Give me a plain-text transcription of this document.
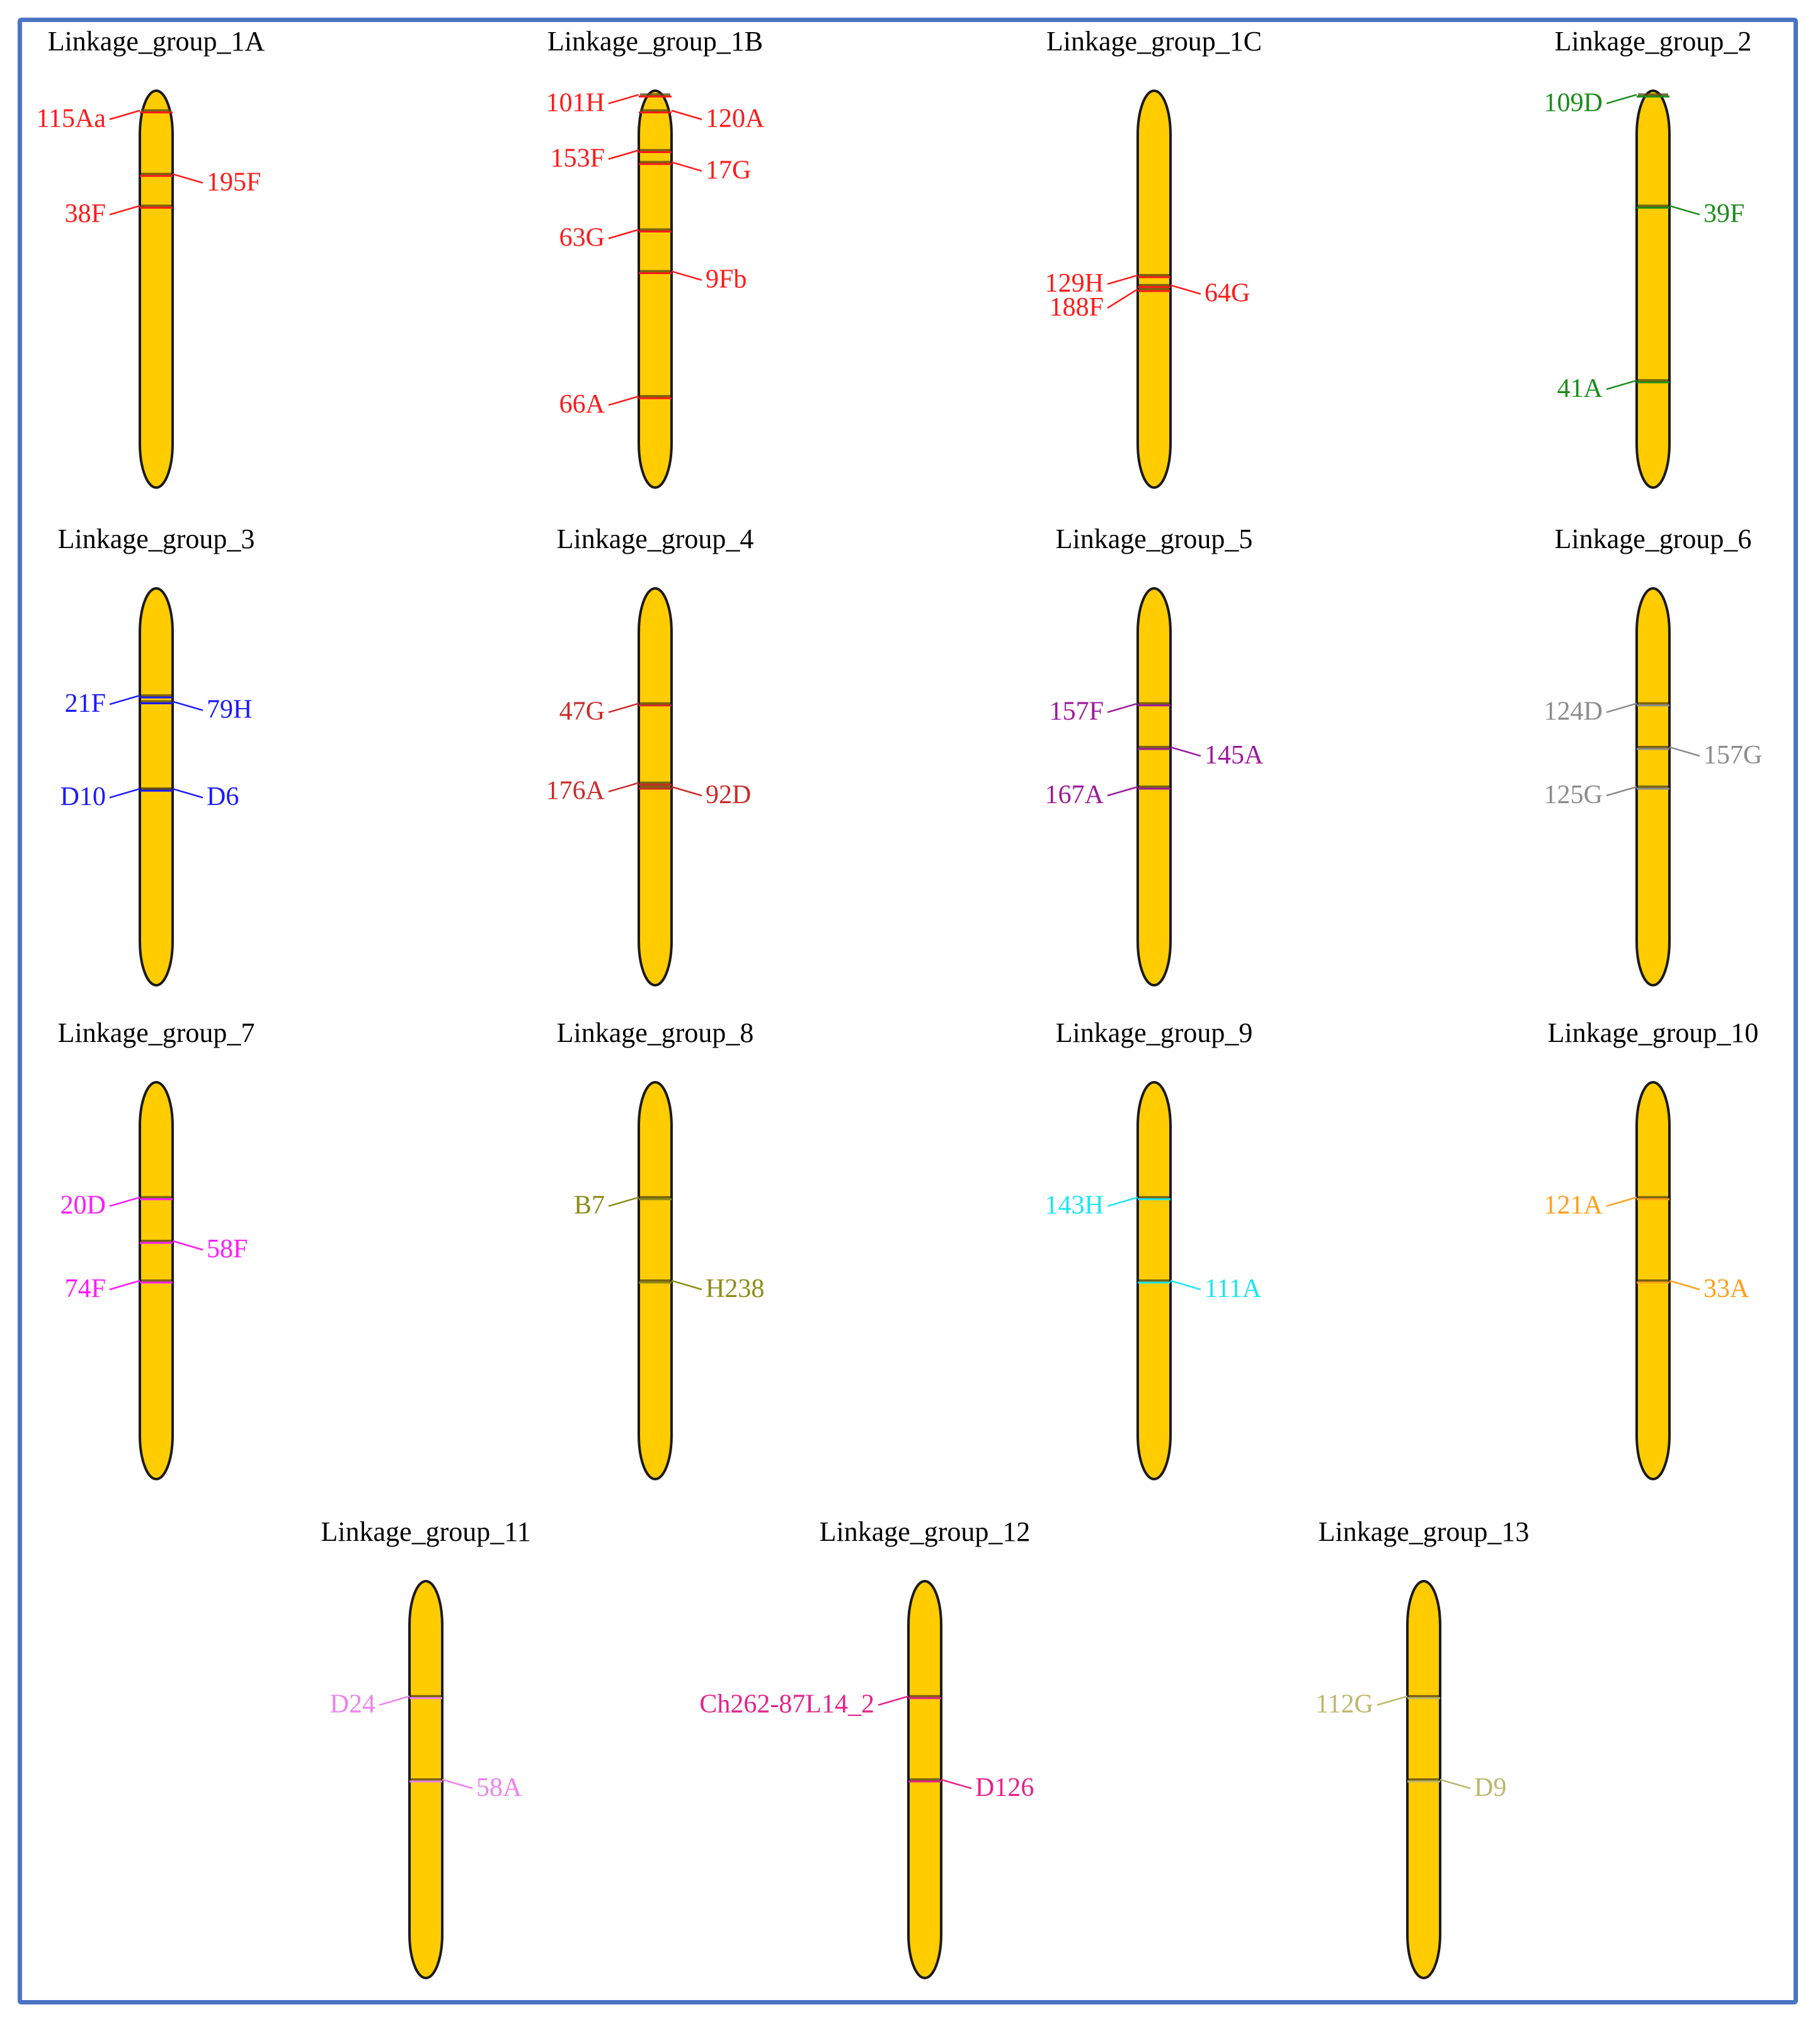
Linkage_group_1A
115Aa
195F
38F
Linkage_group_1B
101H
120A
153F	17G
63G
9Fb
66A
Linkage_group_1C
129H	64G
188F
Linkage_group_2
109D
39F
41A
Linkage_group_3
21F	79H
D10	D6
Linkage_group_4
47G
176A	92D
Linkage_group_5
157F
145A
167A
Linkage_group_6
124D
157G
125G
Linkage_group_7
20D
58F
74F
Linkage_group_8
B7
H238
Linkage_group_9
143H
111A
Linkage_group_10
121A
33A
Linkage_group_11
D24
58A
Linkage_group_12
Ch262-87L14_2
D126
Linkage_group_13
112G
D9
